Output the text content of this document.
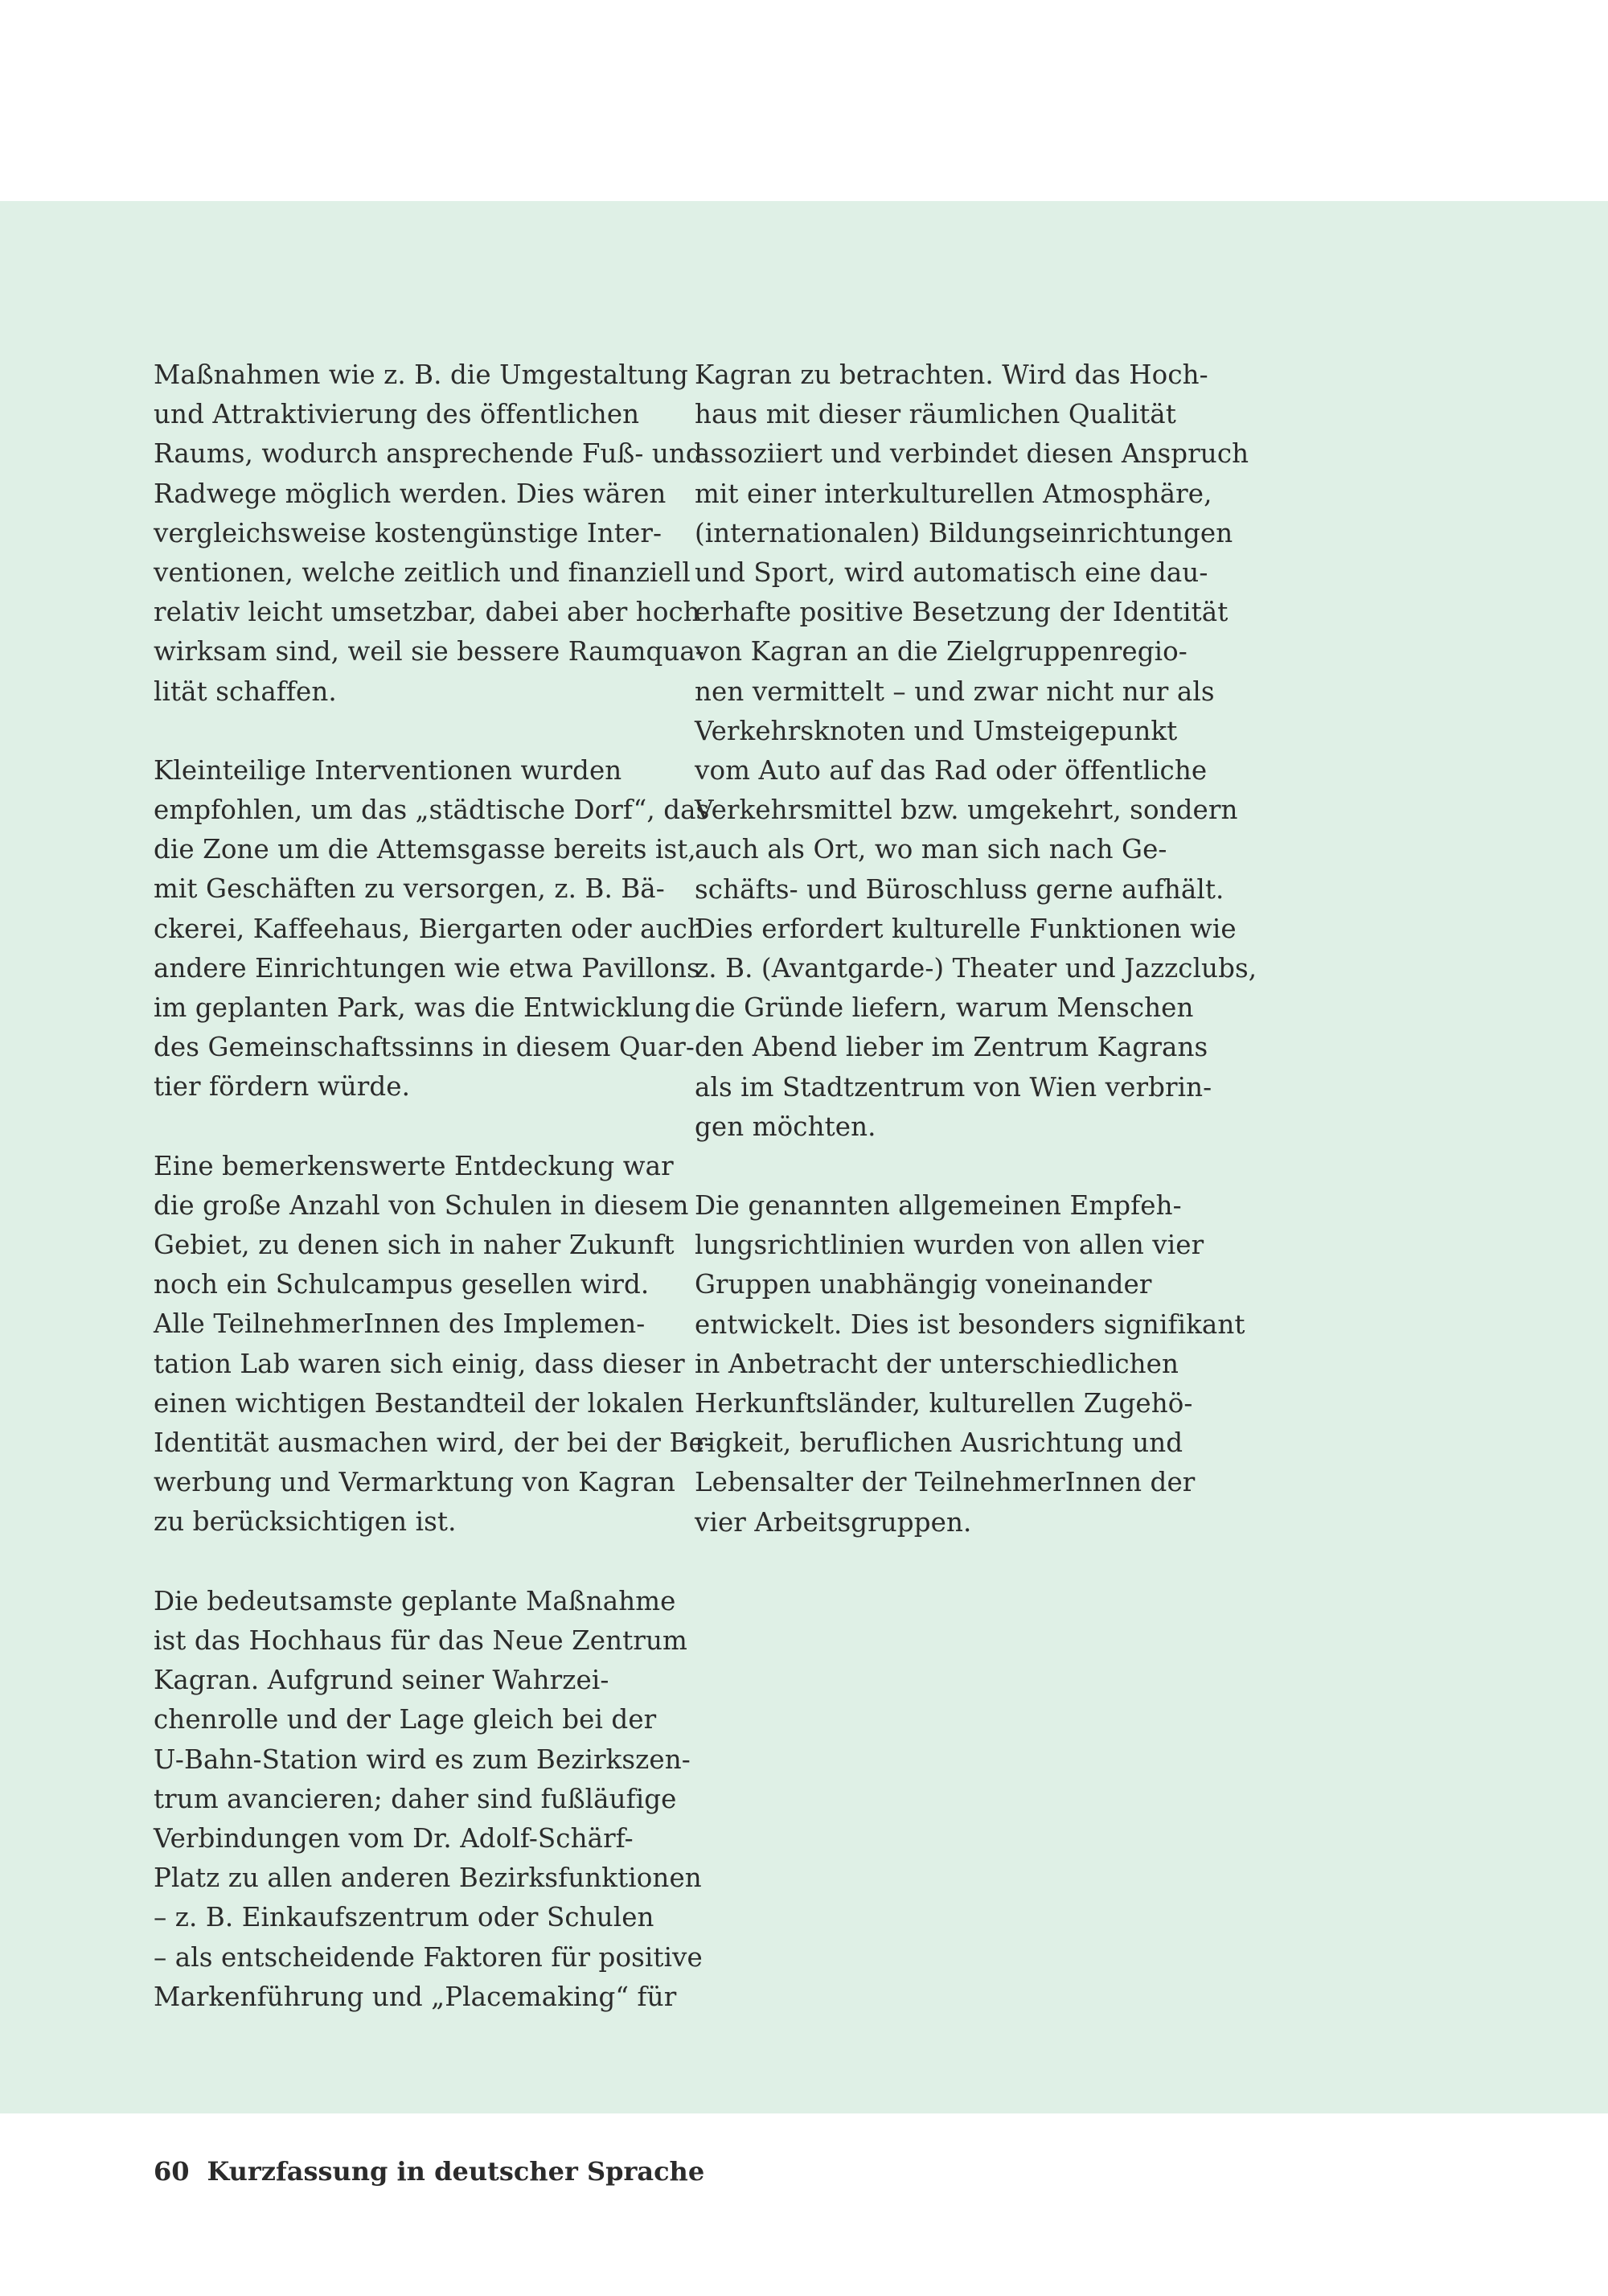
Maßnahmen wie z. B. die Umgestaltung
und Attraktivierung des öffentlichen
Raums, wodurch ansprechende Fuß- und
Radwege möglich werden. Dies wären
vergleichsweise kostengünstige Inter-
ventionen, welche zeitlich und finanziell
relativ leicht umsetzbar, dabei aber hoch
wirksam sind, weil sie bessere Raumqua-
lität schaffen.

Kleinteilige Interventionen wurden
empfohlen, um das „städtische Dorf“, das
die Zone um die Attemsgasse bereits ist,
mit Geschäften zu versorgen, z. B. Bä-
ckerei, Kaffeehaus, Biergarten oder auch
andere Einrichtungen wie etwa Pavillons
im geplanten Park, was die Entwicklung
des Gemeinschaftssinns in diesem Quar-
tier fördern würde.

Eine bemerkenswerte Entdeckung war
die große Anzahl von Schulen in diesem
Gebiet, zu denen sich in naher Zukunft
noch ein Schulcampus gesellen wird.
Alle TeilnehmerInnen des Implemen-
tation Lab waren sich einig, dass dieser
einen wichtigen Bestandteil der lokalen
Identität ausmachen wird, der bei der Be-
werbung und Vermarktung von Kagran
zu berücksichtigen ist.

Die bedeutsamste geplante Maßnahme
ist das Hochhaus für das Neue Zentrum
Kagran. Aufgrund seiner Wahrzei-
chenrolle und der Lage gleich bei der
U-Bahn-Station wird es zum Bezirkszen-
trum avancieren; daher sind fußläufige
Verbindungen vom Dr. Adolf-Schärf-
Platz zu allen anderen Bezirksfunktionen
– z. B. Einkaufszentrum oder Schulen
– als entscheidende Faktoren für positive
Markenführung und „Placemaking“ für

Kagran zu betrachten. Wird das Hoch-
haus mit dieser räumlichen Qualität
assoziiert und verbindet diesen Anspruch
mit einer interkulturellen Atmosphäre,
(internationalen) Bildungseinrichtungen
und Sport, wird automatisch eine dau-
erhafte positive Besetzung der Identität
von Kagran an die Zielgruppenregio-
nen vermittelt – und zwar nicht nur als
Verkehrsknoten und Umsteigepunkt
vom Auto auf das Rad oder öffentliche
Verkehrsmittel bzw. umgekehrt, sondern
auch als Ort, wo man sich nach Ge-
schäfts- und Büroschluss gerne aufhält.
Dies erfordert kulturelle Funktionen wie
z. B. (Avantgarde-) Theater und Jazzclubs,
die Gründe liefern, warum Menschen
den Abend lieber im Zentrum Kagrans
als im Stadtzentrum von Wien verbrin-
gen möchten.

Die genannten allgemeinen Empfeh-
lungsrichtlinien wurden von allen vier
Gruppen unabhängig voneinander
entwickelt. Dies ist besonders signifikant
in Anbetracht der unterschiedlichen
Herkunftsländer, kulturellen Zugehö-
rigkeit, beruflichen Ausrichtung und
Lebensalter der TeilnehmerInnen der
vier Arbeitsgruppen.

60 Kurzfassung in deutscher Sprache
